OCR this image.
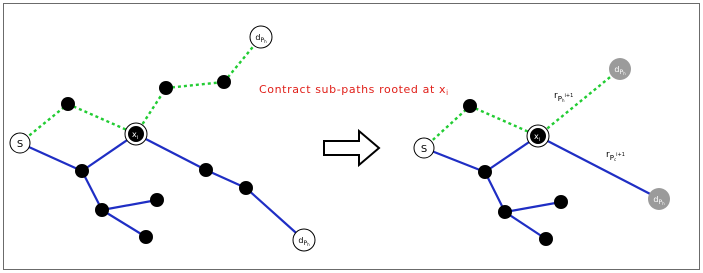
S
$x_i$
$d_Ph$
$d_Ph$
Contract sub-paths rooted at xi
S
$x_i$
$d_Ph$
$d_Ph$
$r_Ph^{i+1}$
$r_Pc^{i+1}$
